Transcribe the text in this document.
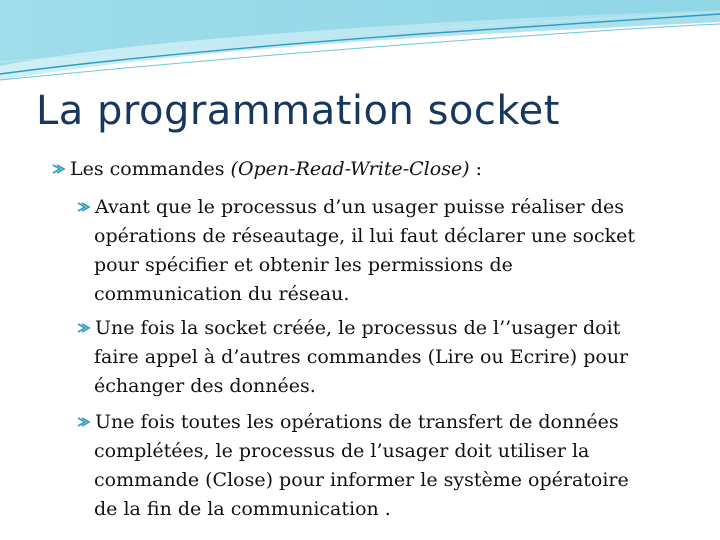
La programmation socket
Les commandes (Open-Read-Write-Close) :
Avant que le processus d’un usager puisse réaliser des
opérations de réseautage, il lui faut déclarer une socket
pour spécifier et obtenir les permissions de
communication du réseau.
Une fois la socket créée, le processus de l’’usager doit
faire appel à d’autres commandes (Lire ou Ecrire) pour
échanger des données.
Une fois toutes les opérations de transfert de données
complétées, le processus de l’usager doit utiliser la
commande (Close) pour informer le système opératoire
de la fin de la communication .
